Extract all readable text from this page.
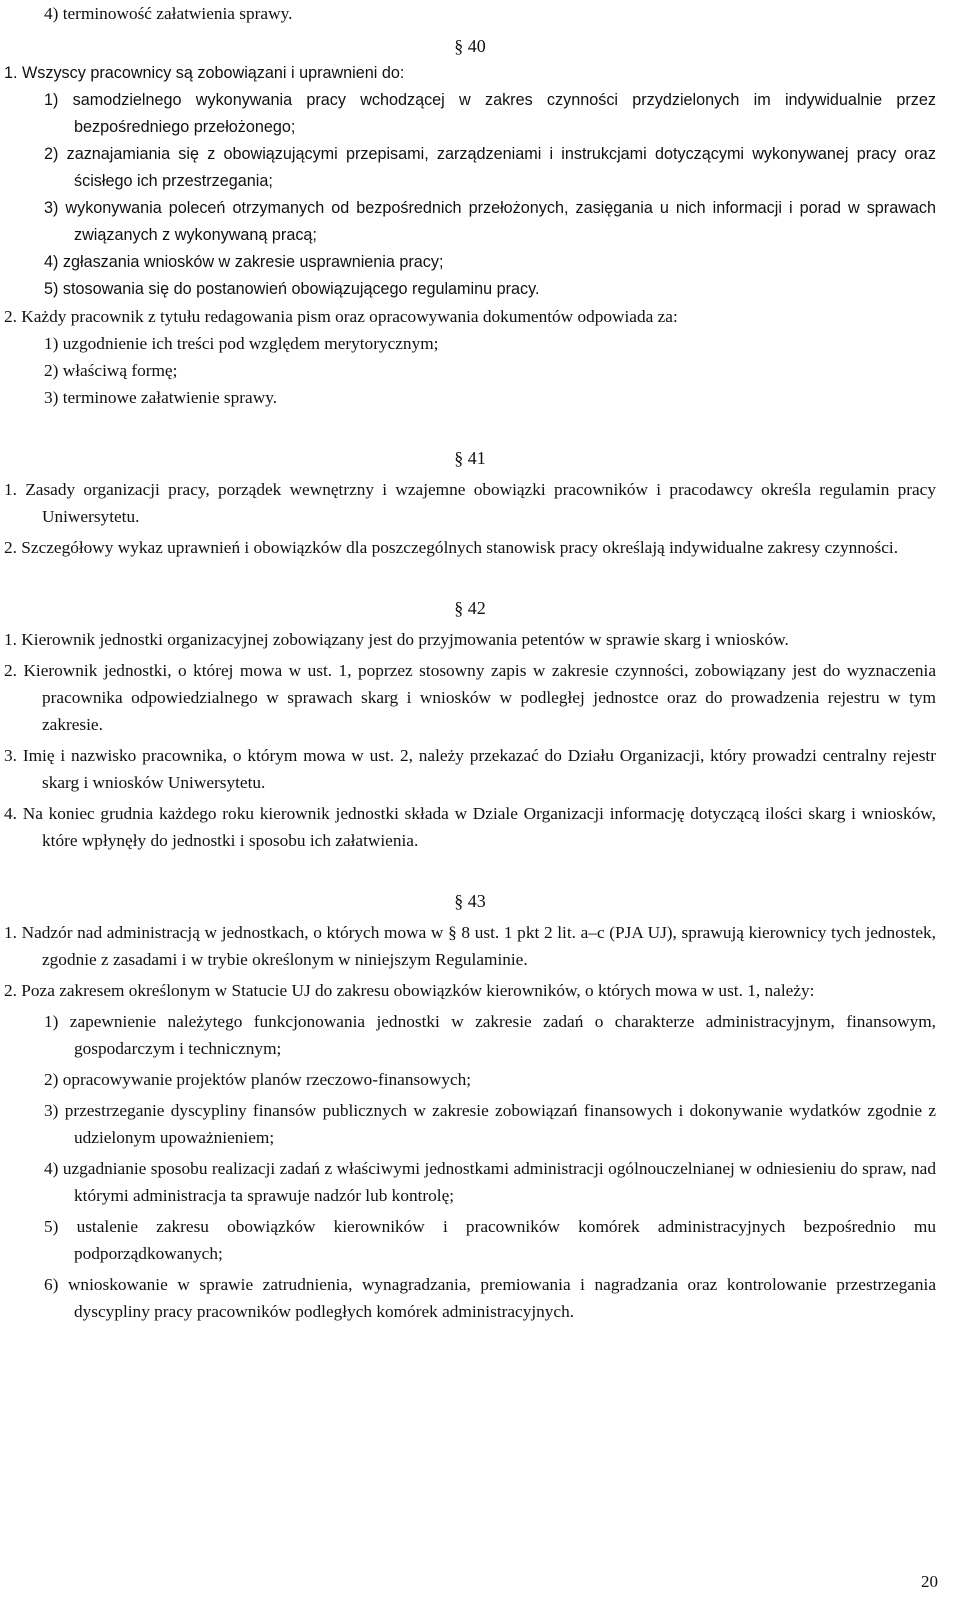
4) terminowość załatwienia sprawy.

§ 40

1. Wszyscy pracownicy są zobowiązani i uprawnieni do:

1) samodzielnego wykonywania pracy wchodzącej w zakres czynności przydzielonych im indywidualnie przez bezpośredniego przełożonego;

2) zaznajamiania się z obowiązującymi przepisami, zarządzeniami i instrukcjami dotyczącymi wykonywanej pracy oraz ścisłego ich przestrzegania;

3) wykonywania poleceń otrzymanych od bezpośrednich przełożonych, zasięgania u nich informacji i porad w sprawach związanych z wykonywaną pracą;

4) zgłaszania wniosków w zakresie usprawnienia pracy;

5) stosowania się do postanowień obowiązującego regulaminu pracy.

2. Każdy pracownik z tytułu redagowania pism oraz opracowywania dokumentów odpowiada za:

1) uzgodnienie ich treści pod względem merytorycznym;

2) właściwą formę;

3) terminowe załatwienie sprawy.

§ 41

1. Zasady organizacji pracy, porządek wewnętrzny i wzajemne obowiązki pracowników i pracodawcy określa regulamin pracy Uniwersytetu.

2. Szczegółowy wykaz uprawnień i obowiązków dla poszczególnych stanowisk pracy określają indywidualne zakresy czynności.

§ 42

1. Kierownik jednostki organizacyjnej zobowiązany jest do przyjmowania petentów w sprawie skarg i wniosków.

2. Kierownik jednostki, o której mowa w ust. 1, poprzez stosowny zapis w zakresie czynności, zobowiązany jest do wyznaczenia pracownika odpowiedzialnego w sprawach skarg i wniosków w podległej jednostce oraz do prowadzenia rejestru w tym zakresie.

3. Imię i nazwisko pracownika, o którym mowa w ust. 2, należy przekazać do Działu Organizacji, który prowadzi centralny rejestr skarg i wniosków Uniwersytetu.

4. Na koniec grudnia każdego roku kierownik jednostki składa w Dziale Organizacji informację dotyczącą ilości skarg i wniosków, które wpłynęły do jednostki i sposobu ich załatwienia.

§ 43

1. Nadzór nad administracją w jednostkach, o których mowa w § 8 ust. 1 pkt 2 lit. a–c (PJA UJ), sprawują kierownicy tych jednostek, zgodnie z zasadami i w trybie określonym w niniejszym Regulaminie.

2. Poza zakresem określonym w Statucie UJ do zakresu obowiązków kierowników, o których mowa w ust. 1, należy:

1) zapewnienie należytego funkcjonowania jednostki w zakresie zadań o charakterze administracyjnym, finansowym, gospodarczym i technicznym;

2) opracowywanie projektów planów rzeczowo-finansowych;

3) przestrzeganie dyscypliny finansów publicznych w zakresie zobowiązań finansowych i dokonywanie wydatków zgodnie z udzielonym upoważnieniem;

4) uzgadnianie sposobu realizacji zadań z właściwymi jednostkami administracji ogólnouczelnianej w odniesieniu do spraw, nad którymi administracja ta sprawuje nadzór lub kontrolę;

5) ustalenie zakresu obowiązków kierowników i pracowników komórek administracyjnych bezpośrednio mu podporządkowanych;

6) wnioskowanie w sprawie zatrudnienia, wynagradzania, premiowania i nagradzania oraz kontrolowanie przestrzegania dyscypliny pracy pracowników podległych komórek administracyjnych.

20
